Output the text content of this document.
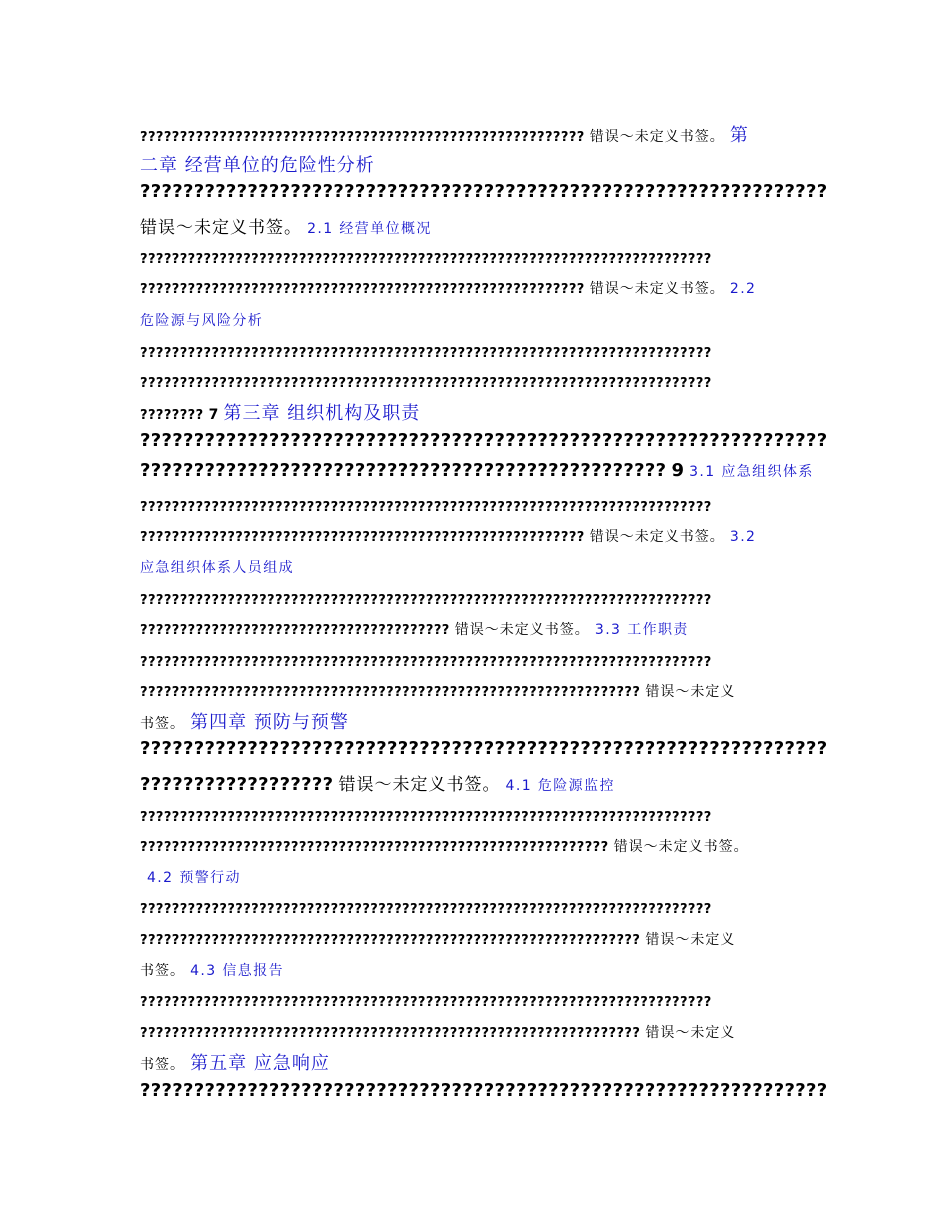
???????????????????????????????????????????????????????? 错误～未定义书签。 第
二章 经营单位的危险性分析
????????????????????????????????????????????????????????????????
错误～未定义书签。 2.1 经营单位概况
????????????????????????????????????????????????????????????????????????
???????????????????????????????????????????????????????? 错误～未定义书签。 2.2
危险源与风险分析
????????????????????????????????????????????????????????????????????????
????????????????????????????????????????????????????????????????????????
???????? 7 第三章 组织机构及职责
????????????????????????????????????????????????????????????????
????????????????????????????????????????????????? 9 3.1 应急组织体系
????????????????????????????????????????????????????????????????????????
???????????????????????????????????????????????????????? 错误～未定义书签。 3.2
应急组织体系人员组成
????????????????????????????????????????????????????????????????????????
??????????????????????????????????????? 错误～未定义书签。 3.3 工作职责
????????????????????????????????????????????????????????????????????????
??????????????????????????????????????????????????????????????? 错误～未定义
书签。 第四章 预防与预警
????????????????????????????????????????????????????????????????
?????????????????? 错误～未定义书签。 4.1 危险源监控
????????????????????????????????????????????????????????????????????????
??????????????????????????????????????????????????????????? 错误～未定义书签。
4.2 预警行动
????????????????????????????????????????????????????????????????????????
??????????????????????????????????????????????????????????????? 错误～未定义
书签。 4.3 信息报告
????????????????????????????????????????????????????????????????????????
??????????????????????????????????????????????????????????????? 错误～未定义
书签。 第五章 应急响应
????????????????????????????????????????????????????????????????
